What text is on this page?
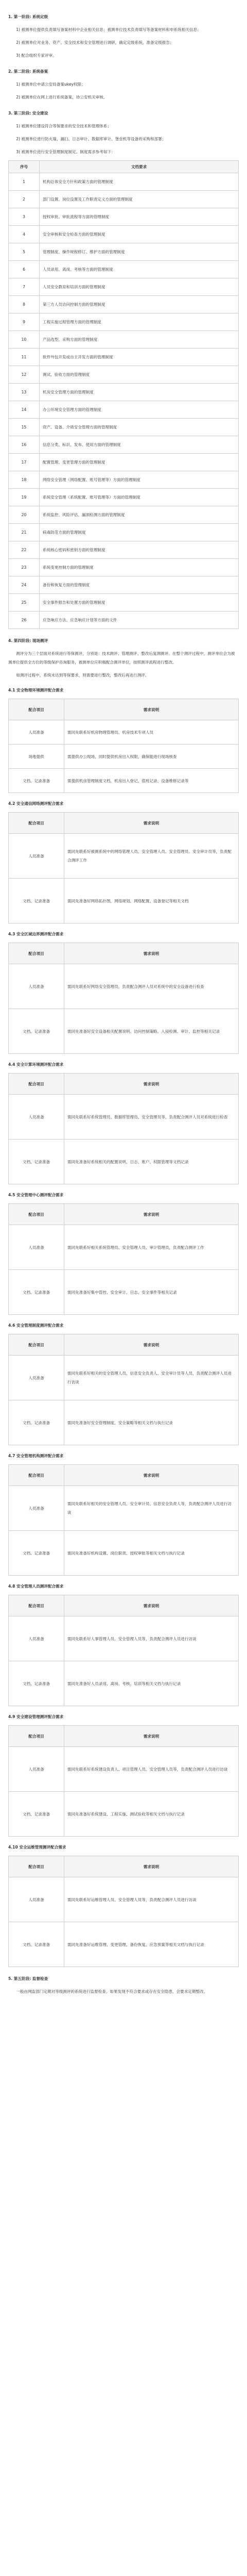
1. 第一阶段: 系统定级

1) 被测单位提供负责填写备案材料中企业相关信息；被测单位技术负责填写等备案材料和申系统相关信息；

2) 被测单位对业务、资产、安全技术和安全管理进行调研，确定定级系统，准备定级报告；

3) 配合组织专家评审。

2. 第二阶段: 系统备案

1) 被测单位申请公安局备案ukey权限；

2) 被测单位在网上进行系统备案，待公安机关审核。

3. 第三阶段: 安全建设

1) 被测单位建设符合等保要求的安全技术和管理体系；

2) 被测单位进行防火墙、漏扫、日志审计、数据库审计、堡垒机等设备的采购和部署；

3) 被测单位进行安全管理制度制定。制度需求参考如下：

序号	文档要求
1	机构总体安全方针和政策方面的管理制度
2	部门设置、岗位设置及工作职责定义方面的管理制度
3	授权审批、审批流程等方面的管理制度
4	安全审核和安全检查方面的管理制度
5	管理制度、操作规程修订、维护方面的管理制度
6	人员录用、离岗、考核等方面的管理制度
7	人员安全教育和培训方面的管理制度
8	第三方人员访问控制方面的管理制度
9	工程实施过程管理方面的管理制度
10	产品选型、采购方面的管理制度
11	软件外包开发或自主开发方面的管理制度
12	测试、验收方面的管理制度
13	机房安全管理方面的管理制度
14	办公环境安全管理方面的管理制度
15	资产、设备、介质安全管理方面的管理制度
16	信息分类、标识、发布、使用方面的管理制度
17	配置管理、变更管理方面的管理制度
18	网络安全管理（网络配置、账号管理等）方面的管理制度
19	系统安全管理（系统配置、账号管理等）方面的管理制度
20	系统监控、风险评估、漏洞检测方面的管理制度
21	病毒防范方面的管理制度
22	系统核心密码和密钥方面的管理制度
23	系统变更控制方面的管理制度
24	备份和恢复方面的管理制度
25	安全事件报告和处置方面的管理制度
26	应急响应方法、应急响应计划等方面的文件

4. 第四阶段: 现场测评

测评分为三个层面对系统进行等保测评，分别是：技术测评、管理测评、整改后复测测评。在整个测评过程中，测评单位会为被测单位提供全方位的等级保护咨询服务，被测单位应积极配合测评单位，按照测评流程进行整改。

如测评过程中，系统未达到等保要求，则需要进行整改，整改后再进行测评。

4.1 安全物理环境测评配合需求

配合项目	需求说明
人员准备	需同先联系好机房物理管理员、机房技术专项人员
场地提供	需提供办公现场，同时提供机房出入权限，确保能进行现场核查
文档、记录准备	需提供机房管理制度文档，机房出入登记、值班记录、设备维修记录等

4.2 安全通信网络测评配合需求

配合项目	需求说明
人员准备	需同先联系好被测系统中的网络管理人员、安全管理人员、安全管理员、安全审计员等，负责配合测评工作
文档、记录准备	需同先准备好网络拓扑图，网络规划、网络配置、设备登记等相关文档

4.3 安全区域边界测评配合需求

配合项目	需求说明
人员准备	需同先联系好网络安全管理员，负责配合测评人员对系统中的安全设备进行检查
文档、记录准备	需同先准备好安全设备相关配置说明、访问控制策略、入侵检测、审计、监控等相关记录

4.4 安全计算环境测评配合需求

配合项目	需求说明
人员准备	需同先联系好系统管理员、数据库管理员、安全管理员等，负责配合测评人员对系统进行检查
文档、记录准备	需同先准备好系统相关的配置说明、日志、账户、权限管理等文档记录

4.5 安全管理中心测评配合需求

配合项目	需求说明
人员准备	需同先联系好相关系统管理员、安全管理人员、审计管理员，负责配合测评工作
文档、记录准备	需同先准备好集中管控、安全审计、日志、安全事件等相关记录

4.6 安全管理制度测评配合需求

配合项目	需求说明
人员准备	需同先联系好相关的安全管理人员、信息安全负责人、安全审计员等人员，负责配合测评人员进行访谈
文档、记录准备	需同先准备好安全管理制度、安全策略等相关文档与执行记录

4.7 安全管理机构测评配合需求

配合项目	需求说明
人员准备	需同先联系好相关的安全管理人员、安全审计员、信息安全负责人等，负责配合测评人员进行访谈
文档、记录准备	需同先准备好机构设置、岗位职责、授权审批等相关文档与执行记录

4.8 安全管理人员测评配合需求

配合项目	需求说明
人员准备	需同先联系好人事管理人员、安全管理人员等，负责配合测评人员进行访谈
文档、记录准备	需同先准备好人员录用、离岗、考核、培训等相关文档与执行记录

4.9 安全建设管理测评配合需求

配合项目	需求说明
人员准备	需同先联系好系统建设负责人、项目管理人员、安全管理人员等，负责配合测评人员进行访谈
文档、记录准备	需同先准备好系统建设、工程实施、测试验收等相关文档与执行记录

4.10 安全运维管理测评配合需求

配合项目	需求说明
人员准备	需同先联系好运维管理人员、安全管理人员等，负责配合测评人员进行访谈
文档、记录准备	需同先准备好运维管理、变更管理、备份恢复、应急预案等相关文档与执行记录

5. 第五阶段: 监督检查

一般由网监部门定期对等级测评的系统进行监督检查。如果发现不符合要求或存在安全隐患，会要求定期整改。
